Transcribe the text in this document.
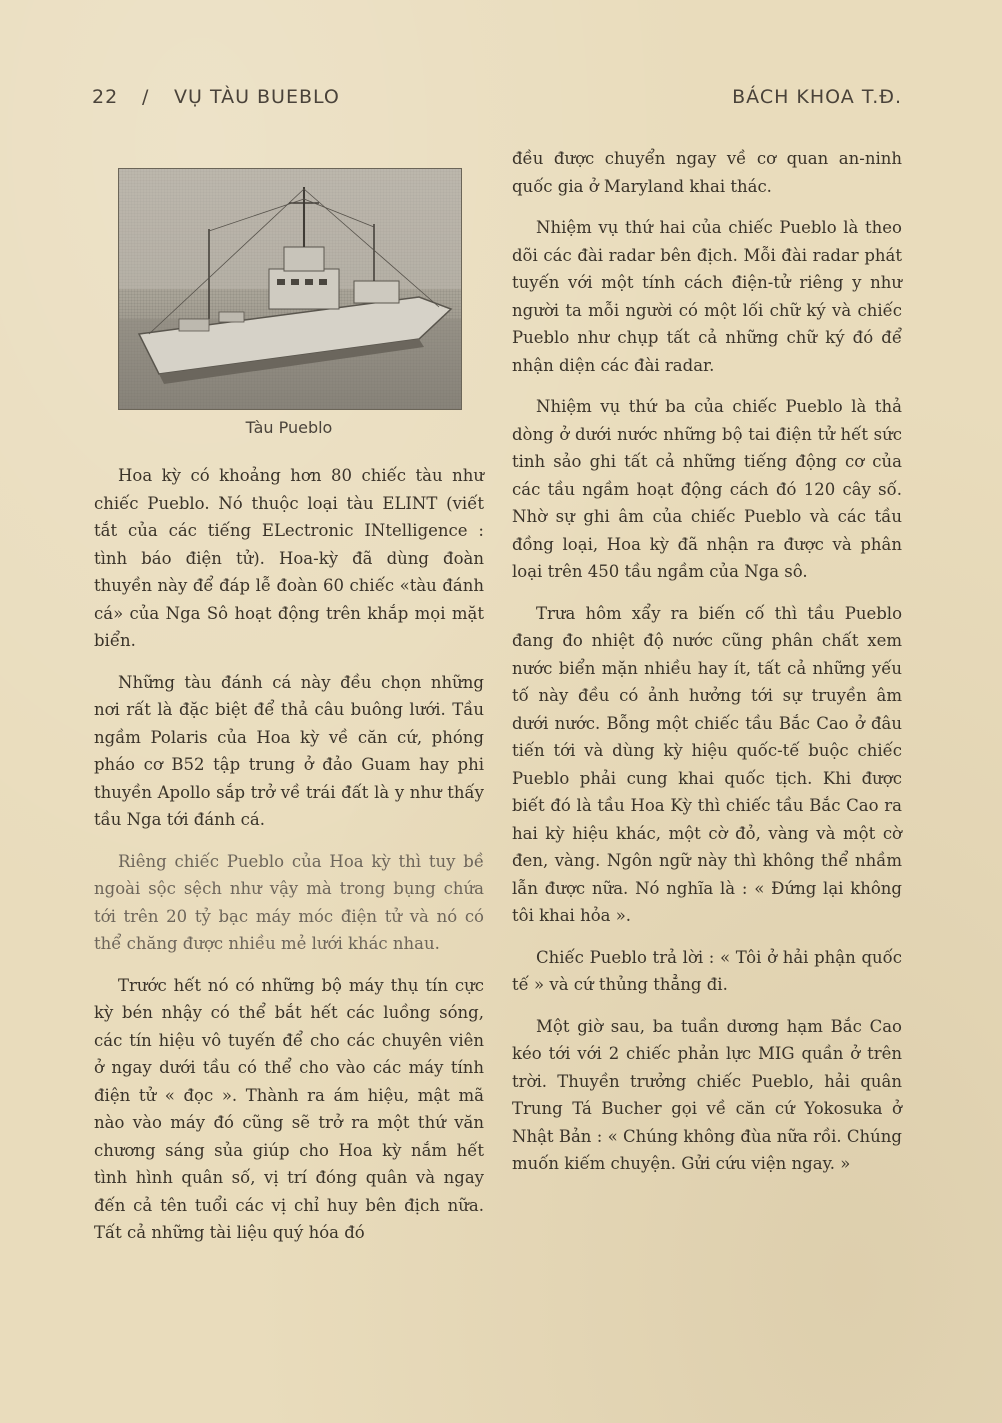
22 / VỤ TÀU BUEBLO	BÁCH KHOA T.Đ.
Tàu Pueblo

Hoa kỳ có khoảng hơn 80 chiếc tàu như chiếc Pueblo. Nó thuộc loại tàu ELINT (viết tắt của các tiếng ELectronic INtelligence : tình báo điện tử). Hoa-kỳ đã dùng đoàn thuyền này để đáp lễ đoàn 60 chiếc «tàu đánh cá» của Nga Sô hoạt động trên khắp mọi mặt biển.

Những tàu đánh cá này đều chọn những nơi rất là đặc biệt để thả câu buông lưới. Tầu ngầm Polaris của Hoa kỳ về căn cứ, phóng pháo cơ B52 tập trung ở đảo Guam hay phi thuyền Apollo sắp trở về trái đất là y như thấy tầu Nga tới đánh cá.

Riêng chiếc Pueblo của Hoa kỳ thì tuy bề ngoài sộc sệch như vậy mà trong bụng chứa tới trên 20 tỷ bạc máy móc điện tử và nó có thể chăng được nhiều mẻ lưới khác nhau.

Trước hết nó có những bộ máy thụ tín cực kỳ bén nhậy có thể bắt hết các luồng sóng, các tín hiệu vô tuyến để cho các chuyên viên ở ngay dưới tầu có thể cho vào các máy tính điện tử « đọc ». Thành ra ám hiệu, mật mã nào vào máy đó cũng sẽ trở ra một thứ văn chương sáng sủa giúp cho Hoa kỳ nắm hết tình hình quân số, vị trí đóng quân và ngay đến cả tên tuổi các vị chỉ huy bên địch nữa. Tất cả những tài liệu quý hóa đó

đều được chuyển ngay về cơ quan an-ninh quốc gia ở Maryland khai thác.

Nhiệm vụ thứ hai của chiếc Pueblo là theo dõi các đài radar bên địch. Mỗi đài radar phát tuyến với một tính cách điện-tử riêng y như người ta mỗi người có một lối chữ ký và chiếc Pueblo như chụp tất cả những chữ ký đó để nhận diện các đài radar.

Nhiệm vụ thứ ba của chiếc Pueblo là thả dòng ở dưới nước những bộ tai điện tử hết sức tinh sảo ghi tất cả những tiếng động cơ của các tầu ngầm hoạt động cách đó 120 cây số. Nhờ sự ghi âm của chiếc Pueblo và các tầu đồng loại, Hoa kỳ đã nhận ra được và phân loại trên 450 tầu ngầm của Nga sô.

Trưa hôm xẩy ra biến cố thì tầu Pueblo đang đo nhiệt độ nước cũng phân chất xem nước biển mặn nhiều hay ít, tất cả những yếu tố này đều có ảnh hưởng tới sự truyền âm dưới nước. Bỗng một chiếc tầu Bắc Cao ở đâu tiến tới và dùng kỳ hiệu quốc-tế buộc chiếc Pueblo phải cung khai quốc tịch. Khi được biết đó là tầu Hoa Kỳ thì chiếc tầu Bắc Cao ra hai kỳ hiệu khác, một cờ đỏ, vàng và một cờ đen, vàng. Ngôn ngữ này thì không thể nhầm lẫn được nữa. Nó nghĩa là : « Đứng lại không tôi khai hỏa ».

Chiếc Pueblo trả lời : « Tôi ở hải phận quốc tế » và cứ thủng thẳng đi.

Một giờ sau, ba tuần dương hạm Bắc Cao kéo tới với 2 chiếc phản lực MIG quần ở trên trời. Thuyền trưởng chiếc Pueblo, hải quân Trung Tá Bucher gọi về căn cứ Yokosuka ở Nhật Bản : « Chúng không đùa nữa rồi. Chúng muốn kiếm chuyện. Gửi cứu viện ngay. »
